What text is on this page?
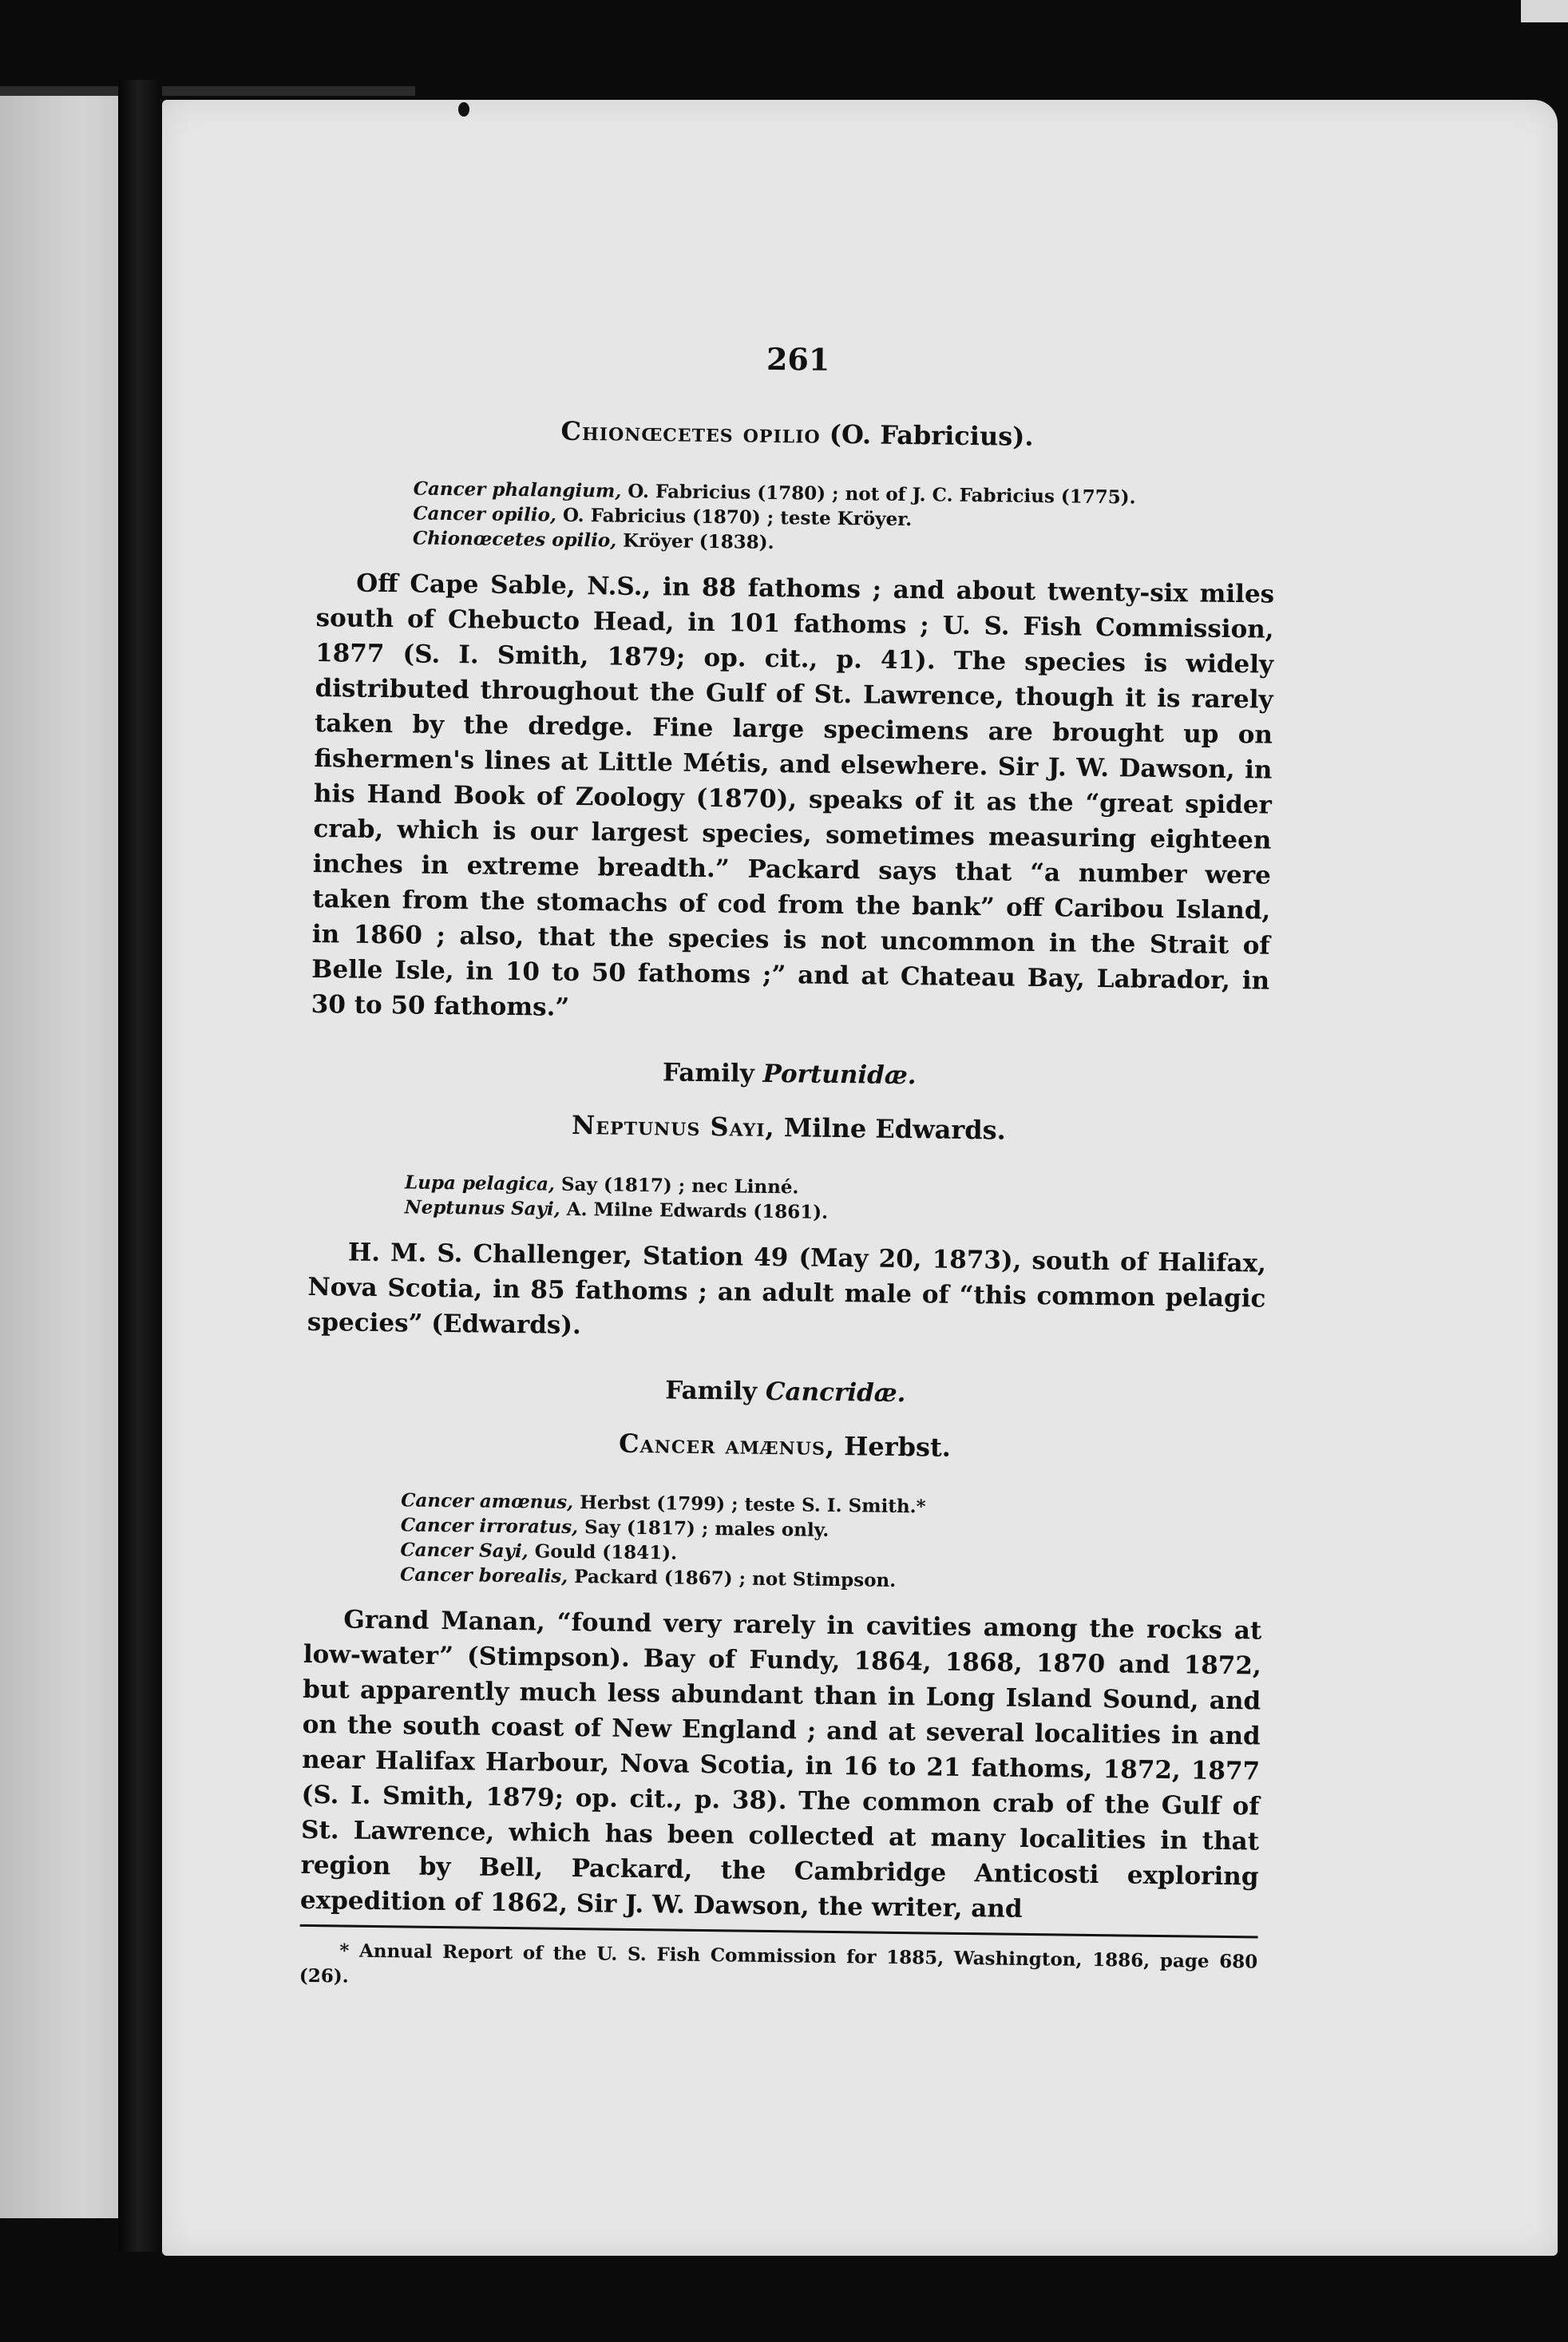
261
Chionœcetes opilio (O. Fabricius).
Cancer phalangium, O. Fabricius (1780) ; not of J. C. Fabricius (1775).
Cancer opilio, O. Fabricius (1870) ; teste Kröyer.
Chionœcetes opilio, Kröyer (1838).

Off Cape Sable, N.S., in 88 fathoms ; and about twenty-six miles south of Chebucto Head, in 101 fathoms ; U. S. Fish Commission, 1877 (S. I. Smith, 1879; op. cit., p. 41). The species is widely distributed throughout the Gulf of St. Lawrence, though it is rarely taken by the dredge. Fine large specimens are brought up on fishermen's lines at Little Métis, and elsewhere. Sir J. W. Dawson, in his Hand Book of Zoology (1870), speaks of it as the “great spider crab, which is our largest species, sometimes measuring eighteen inches in extreme breadth.” Packard says that “a number were taken from the stomachs of cod from the bank” off Caribou Island, in 1860 ; also, that the species is not uncommon in the Strait of Belle Isle, in 10 to 50 fathoms ;” and at Chateau Bay, Labrador, in 30 to 50 fathoms.”

Family Portunidæ.
Neptunus Sayi, Milne Edwards.
Lupa pelagica, Say (1817) ; nec Linné.
Neptunus Sayi, A. Milne Edwards (1861).

H. M. S. Challenger, Station 49 (May 20, 1873), south of Halifax, Nova Scotia, in 85 fathoms ; an adult male of “this common pelagic species” (Edwards).

Family Cancridæ.
Cancer amænus, Herbst.
Cancer amœnus, Herbst (1799) ; teste S. I. Smith.*
Cancer irroratus, Say (1817) ; males only.
Cancer Sayi, Gould (1841).
Cancer borealis, Packard (1867) ; not Stimpson.

Grand Manan, “found very rarely in cavities among the rocks at low-water” (Stimpson). Bay of Fundy, 1864, 1868, 1870 and 1872, but apparently much less abundant than in Long Island Sound, and on the south coast of New England ; and at several localities in and near Halifax Harbour, Nova Scotia, in 16 to 21 fathoms, 1872, 1877 (S. I. Smith, 1879; op. cit., p. 38). The common crab of the Gulf of St. Lawrence, which has been collected at many localities in that region by Bell, Packard, the Cambridge Anticosti exploring expedition of 1862, Sir J. W. Dawson, the writer, and

* Annual Report of the U. S. Fish Commission for 1885, Washington, 1886, page 680 (26).
